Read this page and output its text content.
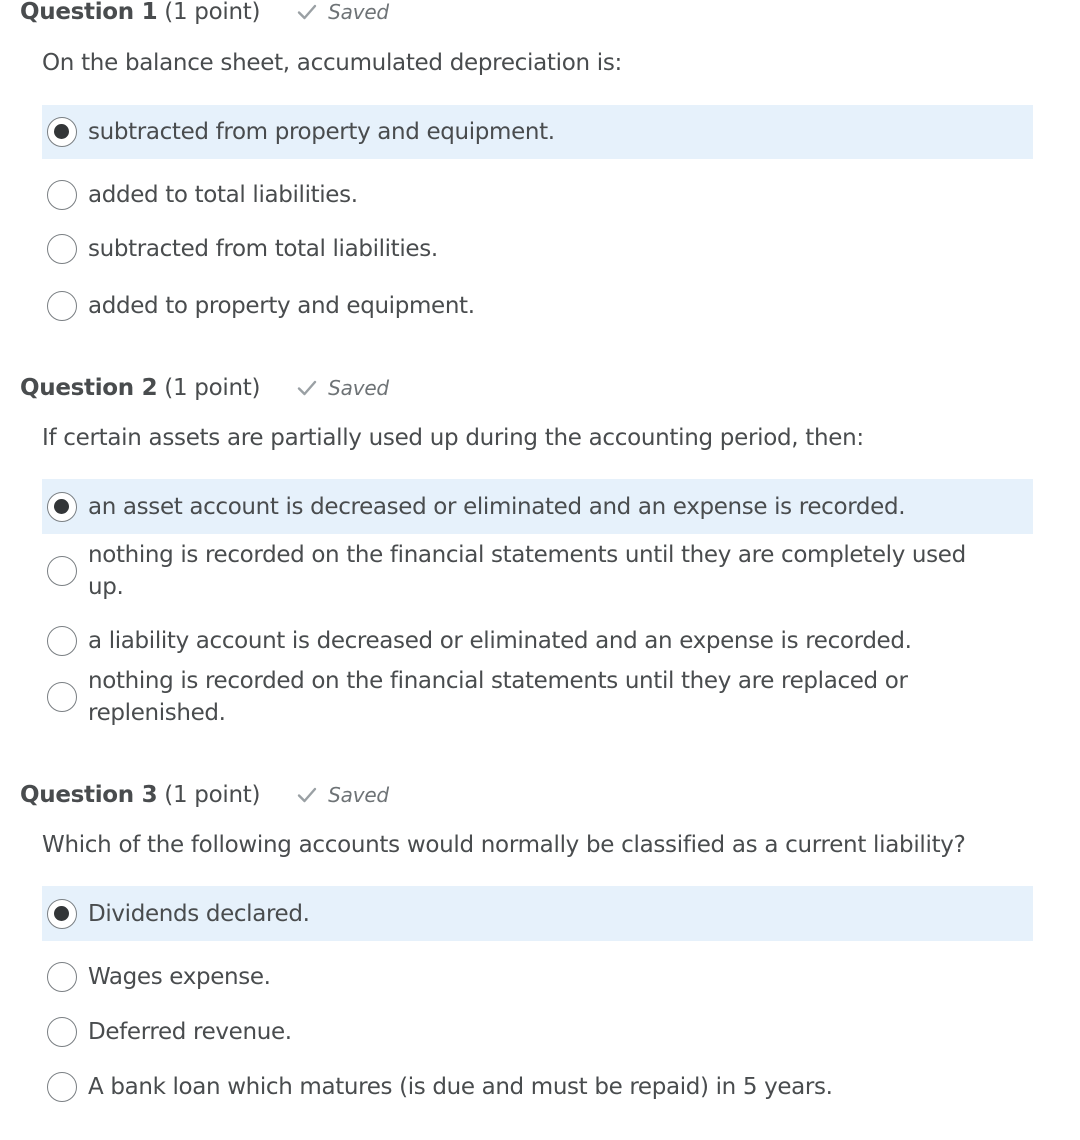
Question 1 (1 point)	Saved
On the balance sheet, accumulated depreciation is:
subtracted from property and equipment.
added to total liabilities.
subtracted from total liabilities.
added to property and equipment.
Question 2 (1 point)	Saved
If certain assets are partially used up during the accounting period, then:
an asset account is decreased or eliminated and an expense is recorded.
nothing is recorded on the financial statements until they are completely used up.
a liability account is decreased or eliminated and an expense is recorded.
nothing is recorded on the financial statements until they are replaced or replenished.
Question 3 (1 point)	Saved
Which of the following accounts would normally be classified as a current liability?
Dividends declared.
Wages expense.
Deferred revenue.
A bank loan which matures (is due and must be repaid) in 5 years.
